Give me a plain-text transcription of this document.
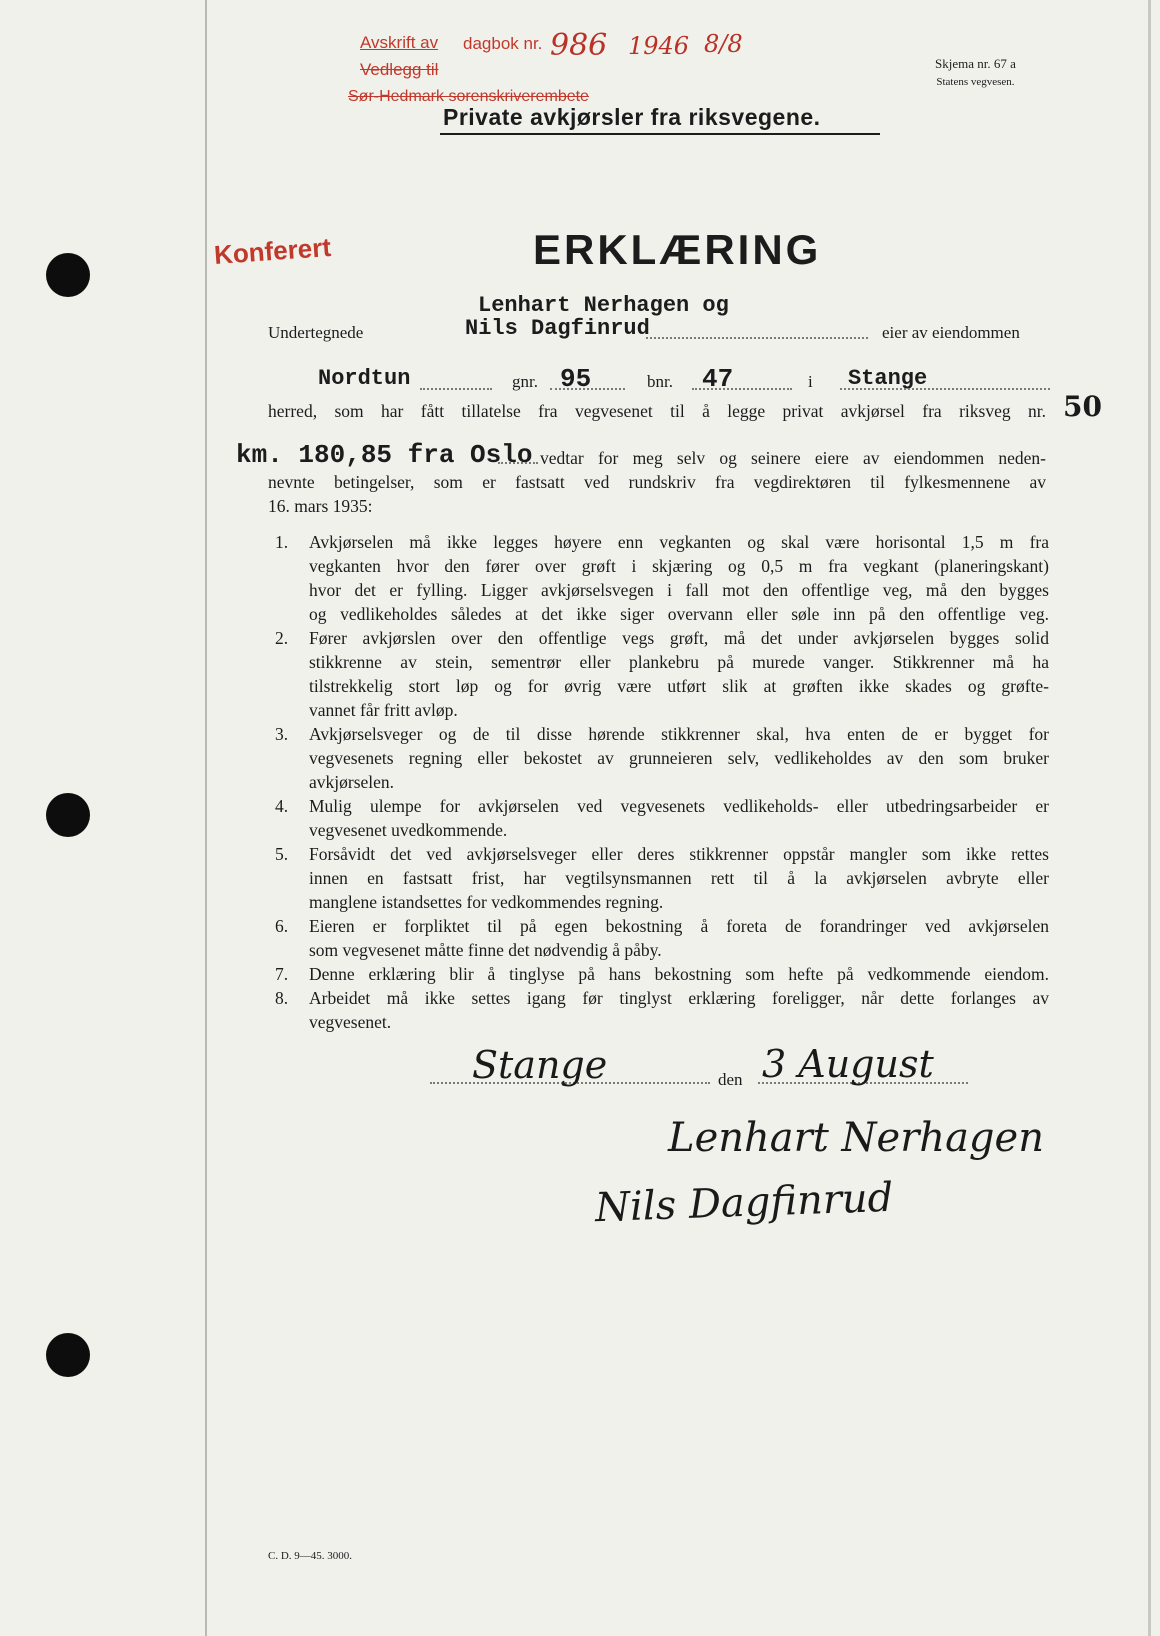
Avskrift av dagbok nr.
Vedlegg til
Sør-Hedmark sorenskriverembete
986 1946 8/8
Konferert
Skjema nr. 67 a
Statens vegvesen.
Private avkjørsler fra riksvegene.
ERKLÆRING
Lenhart Nerhagen og
Undertegnede	Nils Dagfinrud	eier av eiendommen
Nordtun	gnr. 95	bnr. 47	i Stange
herred, som har fått tillatelse fra vegvesenet til å legge privat avkjørsel fra riksveg nr. 50
km. 180,85 fra Oslo vedtar for meg selv og seinere eiere av eiendommen neden-
nevnte betingelser, som er fastsatt ved rundskriv fra vegdirektøren til fylkesmennene av
16. mars 1935:
1. Avkjørselen må ikke legges høyere enn vegkanten og skal være horisontal 1,5 m fra
vegkanten hvor den fører over grøft i skjæring og 0,5 m fra vegkant (planeringskant)
hvor det er fylling. Ligger avkjørselsvegen i fall mot den offentlige veg, må den bygges
og vedlikeholdes således at det ikke siger overvann eller søle inn på den offentlige veg.
2. Fører avkjørslen over den offentlige vegs grøft, må det under avkjørselen bygges solid
stikkrenne av stein, sementrør eller plankebru på murede vanger. Stikkrenner må ha
tilstrekkelig stort løp og for øvrig være utført slik at grøften ikke skades og grøfte-
vannet får fritt avløp.
3. Avkjørselsveger og de til disse hørende stikkrenner skal, hva enten de er bygget for
vegvesenets regning eller bekostet av grunneieren selv, vedlikeholdes av den som bruker
avkjørselen.
4. Mulig ulempe for avkjørselen ved vegvesenets vedlikeholds- eller utbedringsarbeider er
vegvesenet uvedkommende.
5. Forsåvidt det ved avkjørselsveger eller deres stikkrenner oppstår mangler som ikke rettes
innen en fastsatt frist, har vegtilsynsmannen rett til å la avkjørselen avbryte eller
manglene istandsettes for vedkommendes regning.
6. Eieren er forpliktet til på egen bekostning å foreta de forandringer ved avkjørselen
som vegvesenet måtte finne det nødvendig å påby.
7. Denne erklæring blir å tinglyse på hans bekostning som hefte på vedkommende eiendom.
8. Arbeidet må ikke settes igang før tinglyst erklæring foreligger, når dette forlanges av
vegvesenet.
Stange	den 3 August
Lenhart Nerhagen
Nils Dagfinrud
C. D. 9—45. 3000.
